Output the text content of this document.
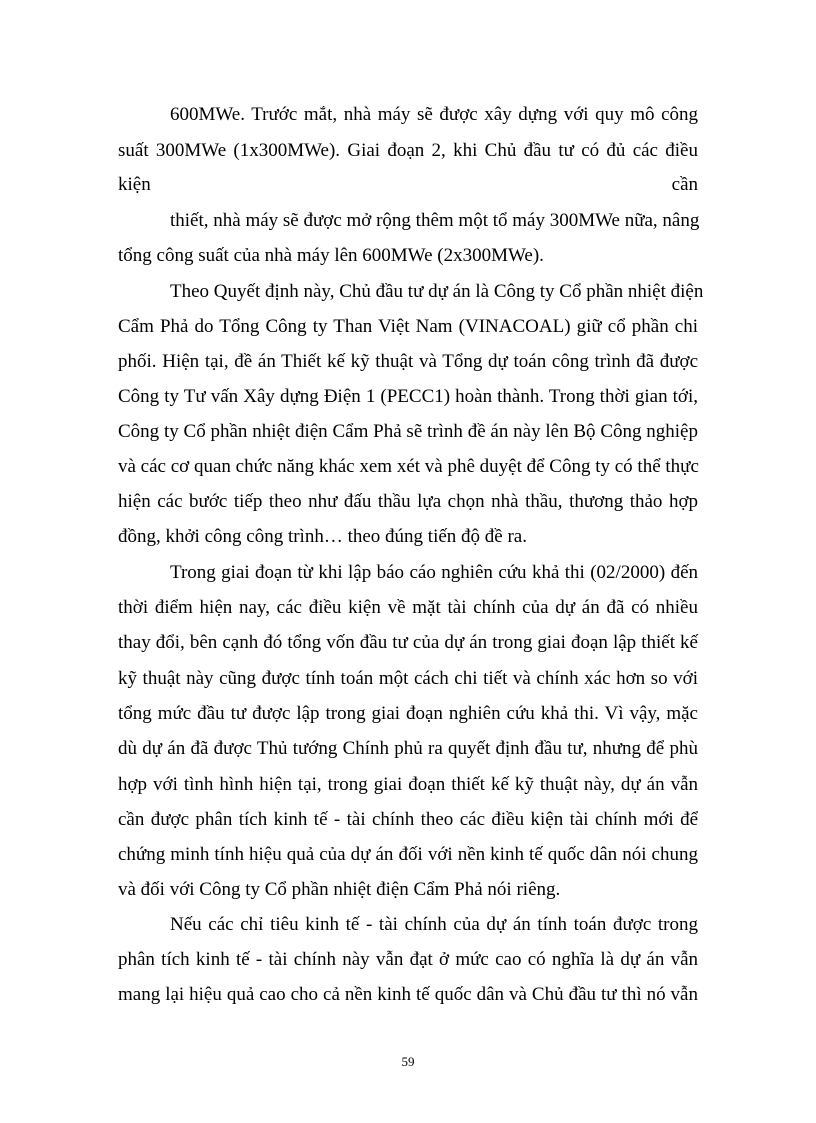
600MWe. Trước mắt, nhà máy sẽ được xây dựng với quy mô công
suất 300MWe (1x300MWe). Giai đoạn 2, khi Chủ đầu tư có đủ các điều
kiện cần
thiết, nhà máy sẽ được mở rộng thêm một tổ máy 300MWe nữa, nâng
tổng công suất của nhà máy lên 600MWe (2x300MWe).
Theo Quyết định này, Chủ đầu tư dự án là Công ty Cổ phần nhiệt điện
Cẩm Phả do Tổng Công ty Than Việt Nam (VINACOAL) giữ cổ phần chi
phối. Hiện tại, đề án Thiết kế kỹ thuật và Tổng dự toán công trình đã được
Công ty Tư vấn Xây dựng Điện 1 (PECC1) hoàn thành. Trong thời gian tới,
Công ty Cổ phần nhiệt điện Cẩm Phả sẽ trình đề án này lên Bộ Công nghiệp
và các cơ quan chức năng khác xem xét và phê duyệt để Công ty có thể thực
hiện các bước tiếp theo như đấu thầu lựa chọn nhà thầu, thương thảo hợp
đồng, khởi công công trình… theo đúng tiến độ đề ra.
Trong giai đoạn từ khi lập báo cáo nghiên cứu khả thi (02/2000) đến
thời điểm hiện nay, các điều kiện về mặt tài chính của dự án đã có nhiều
thay đổi, bên cạnh đó tổng vốn đầu tư của dự án trong giai đoạn lập thiết kế
kỹ thuật này cũng được tính toán một cách chi tiết và chính xác hơn so với
tổng mức đầu tư được lập trong giai đoạn nghiên cứu khả thi. Vì vậy, mặc
dù dự án đã được Thủ tướng Chính phủ ra quyết định đầu tư, nhưng để phù
hợp với tình hình hiện tại, trong giai đoạn thiết kế kỹ thuật này, dự án vẫn
cần được phân tích kinh tế - tài chính theo các điều kiện tài chính mới để
chứng minh tính hiệu quả của dự án đối với nền kinh tế quốc dân nói chung
và đối với Công ty Cổ phần nhiệt điện Cẩm Phả nói riêng.
Nếu các chỉ tiêu kinh tế - tài chính của dự án tính toán được trong
phân tích kinh tế - tài chính này vẫn đạt ở mức cao có nghĩa là dự án vẫn
mang lại hiệu quả cao cho cả nền kinh tế quốc dân và Chủ đầu tư thì nó vẫn
59
